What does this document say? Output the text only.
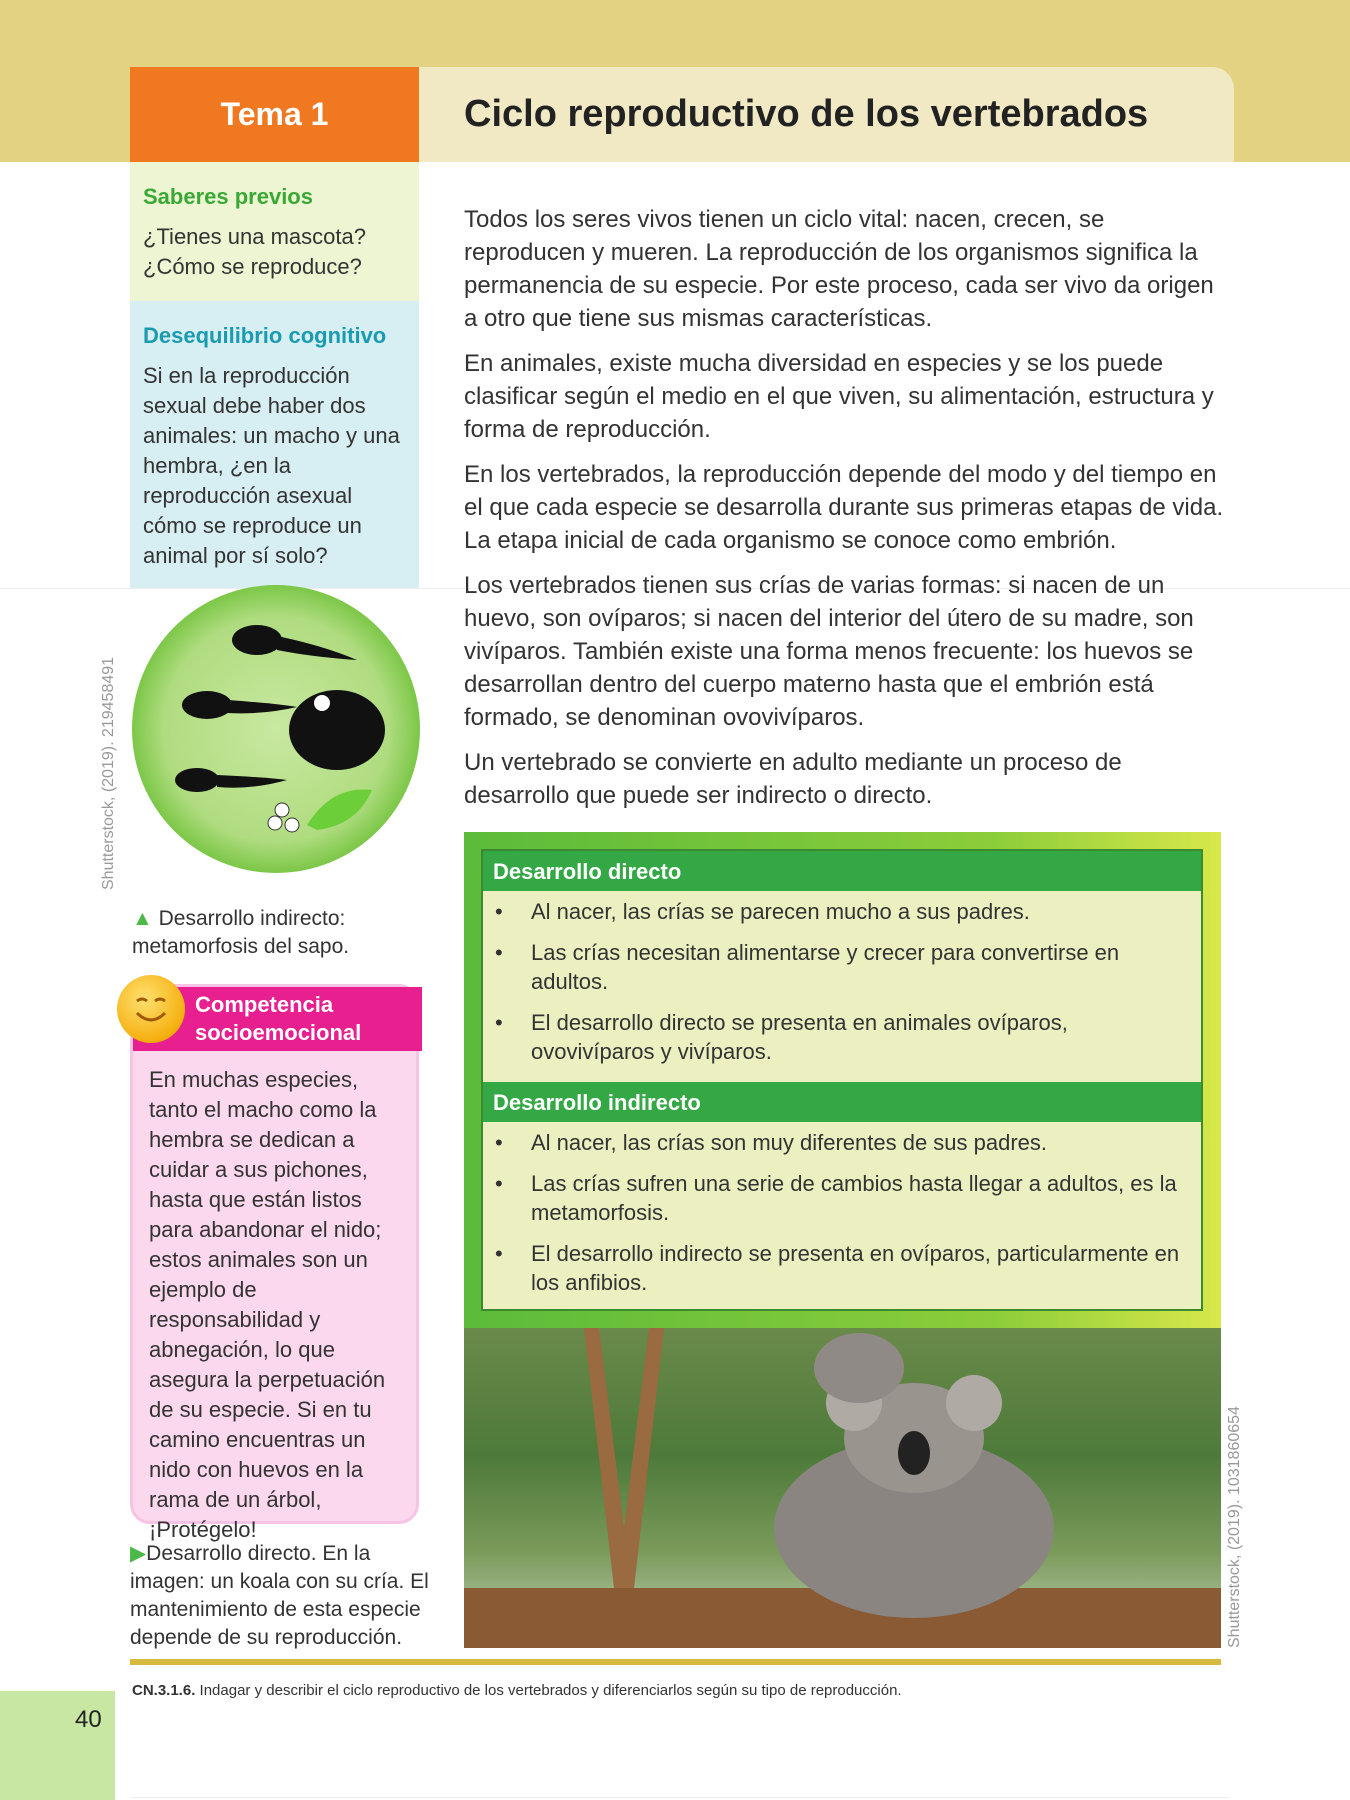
Tema 1	Ciclo reproductivo de los vertebrados
Saberes previos
¿Tienes una mascota? ¿Cómo se reproduce?
Desequilibrio cognitivo
Si en la reproducción sexual debe haber dos animales: un macho y una hembra, ¿en la reproducción asexual cómo se reproduce un animal por sí solo?

Todos los seres vivos tienen un ciclo vital: nacen, crecen, se reproducen y mueren. La reproducción de los organismos significa la permanencia de su especie. Por este proceso, cada ser vivo da origen a otro que tiene sus mismas características.

En animales, existe mucha diversidad en especies y se los puede clasificar según el medio en el que viven, su alimentación, estructura y forma de reproducción.

En los vertebrados, la reproducción depende del modo y del tiempo en el que cada especie se desarrolla durante sus primeras etapas de vida. La etapa inicial de cada organismo se conoce como embrión.

Los vertebrados tienen sus crías de varias formas: si nacen de un huevo, son ovíparos; si nacen del interior del útero de su madre, son vivíparos. También existe una forma menos frecuente: los huevos se desarrollan dentro del cuerpo materno hasta que el embrión está formado, se denominan ovovivíparos.

Un vertebrado se convierte en adulto mediante un proceso de desarrollo que puede ser indirecto o directo.

Desarrollo directo
• Al nacer, las crías se parecen mucho a sus padres.
• Las crías necesitan alimentarse y crecer para convertirse en adultos.
• El desarrollo directo se presenta en animales ovíparos, ovovivíparos y vivíparos.
Desarrollo indirecto
• Al nacer, las crías son muy diferentes de sus padres.
• Las crías sufren una serie de cambios hasta llegar a adultos, es la metamorfosis.
• El desarrollo indirecto se presenta en ovíparos, particularmente en los anfibios.
Shutterstock, (2019). 219458491
▲ Desarrollo indirecto: metamorfosis del sapo.
Competencia socioemocional
En muchas especies, tanto el macho como la hembra se dedican a cuidar a sus pichones, hasta que están listos para abandonar el nido; estos animales son un ejemplo de responsabilidad y abnegación, lo que asegura la perpetuación de su especie. Si en tu camino encuentras un nido con huevos en la rama de un árbol, ¡Protégelo!
▶Desarrollo directo. En la imagen: un koala con su cría. El mantenimiento de esta especie depende de su reproducción.	Shutterstock, (2019). 1031860654
CN.3.1.6. Indagar y describir el ciclo reproductivo de los vertebrados y diferenciarlos según su tipo de reproducción.
40
